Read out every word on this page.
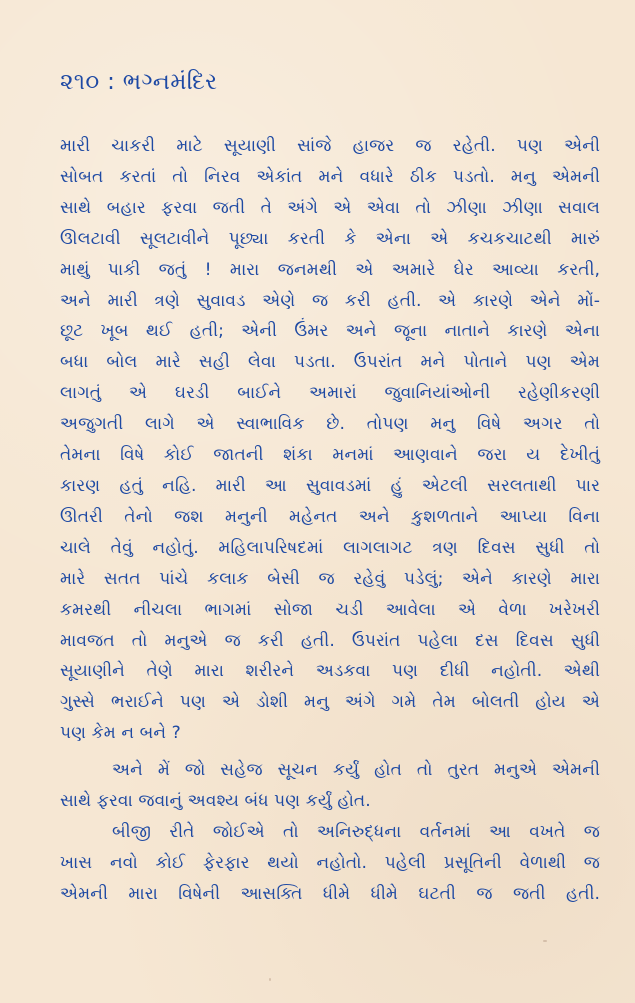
૨૧૦ : ભગ્નમંદિર
મારી ચાકરી માટે સૂયાણી સાંજે હાજર જ રહેતી. પણ એની
સોબત કરતાં તો નિરવ એકાંત મને વધારે ઠીક પડતો. મનુ એમની
સાથે બહાર ફરવા જતી તે અંગે એ એવા તો ઝીણા ઝીણા સવાલ
ઊલટાવી સૂલટાવીને પૂછ્યા કરતી કે એના એ કચકચાટથી મારું
માથું પાકી જતું ! મારા જનમથી એ અમારે ઘેર આવ્યા કરતી,
અને મારી ત્રણે સુવાવડ એણે જ કરી હતી. એ કારણે એને મોં-
છૂટ ખૂબ થઈ હતી; એની ઉંમર અને જૂના નાતાને કારણે એના
બધા બોલ મારે સહી લેવા પડતા. ઉપરાંત મને પોતાને પણ એમ
લાગતું એ ઘરડી બાઈને અમારાં જુવાનિયાંઓની રહેણીકરણી
અજુગતી લાગે એ સ્વાભાવિક છે. તોપણ મનુ વિષે અગર તો
તેમના વિષે કોઈ જાતની શંકા મનમાં આણવાને જરા ય દેખીતું
કારણ હતું નહિ. મારી આ સુવાવડમાં હું એટલી સરલતાથી પાર
ઊતરી તેનો જશ મનુની મહેનત અને કુશળતાને આપ્યા વિના
ચાલે તેવું નહોતું. મહિલાપરિષદમાં લાગલાગટ ત્રણ દિવસ સુધી તો
મારે સતત પાંચે કલાક બેસી જ રહેવું પડેલું; એને કારણે મારા
કમરથી નીચલા ભાગમાં સોજા ચડી આવેલા એ વેળા ખરેખરી
માવજત તો મનુએ જ કરી હતી. ઉપરાંત પહેલા દસ દિવસ સુધી
સૂયાણીને તેણે મારા શરીરને અડકવા પણ દીધી નહોતી. એથી
ગુસ્સે ભરાઈને પણ એ ડોશી મનુ અંગે ગમે તેમ બોલતી હોય એ
પણ કેમ ન બને ?
અને મેં જો સહેજ સૂચન કર્યું હોત તો તુરત મનુએ એમની
સાથે ફરવા જવાનું અવશ્ય બંધ પણ કર્યું હોત.
બીજી રીતે જોઈએ તો અનિરુદ્ધના વર્તનમાં આ વખતે જ
ખાસ નવો કોઈ ફેરફાર થયો નહોતો. પહેલી પ્રસૂતિની વેળાથી જ
એમની મારા વિષેની આસક્તિ ધીમે ધીમે ઘટતી જ જતી હતી.
